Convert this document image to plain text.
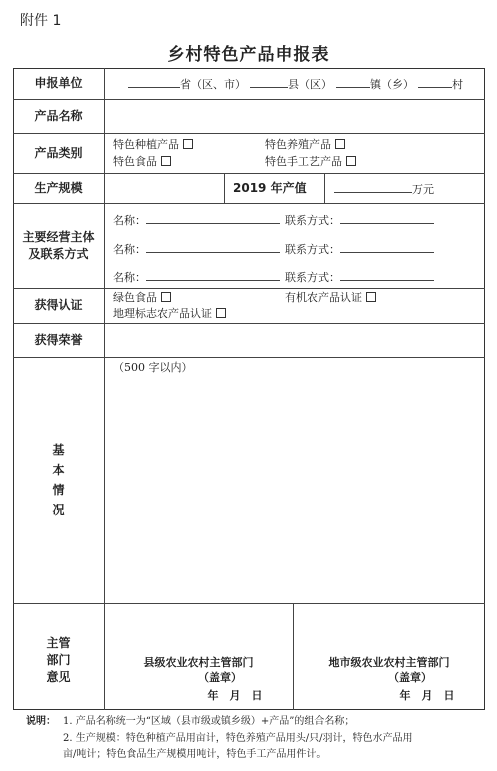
附件 1
乡村特色产品申报表
申报单位	省（区、市）	县（区）	镇（乡）	村
产品名称
产品类别
特色种植产品	特色养殖产品
特色食品	特色手工艺产品
生产规模	2019 年产值	万元
主要经营主体
及联系方式
名称：	联系方式：
名称：	联系方式：
名称：	联系方式：
获得认证
绿色食品	有机农产品认证
地理标志农产品认证
获得荣誉
基
本
情
况
（500 字以内）
主管
部门
意见
县级农业农村主管部门
（盖章）
年　月　日
地市级农业农村主管部门
（盖章）
年　月　日
说明： 1. 产品名称统一为“区域（县市级或镇乡级）+产品”的组合名称；
2. 生产规模：特色种植产品用亩计，特色养殖产品用头/只/羽计，特色水产品用
亩/吨计；特色食品生产规模用吨计，特色手工产品用件计。
